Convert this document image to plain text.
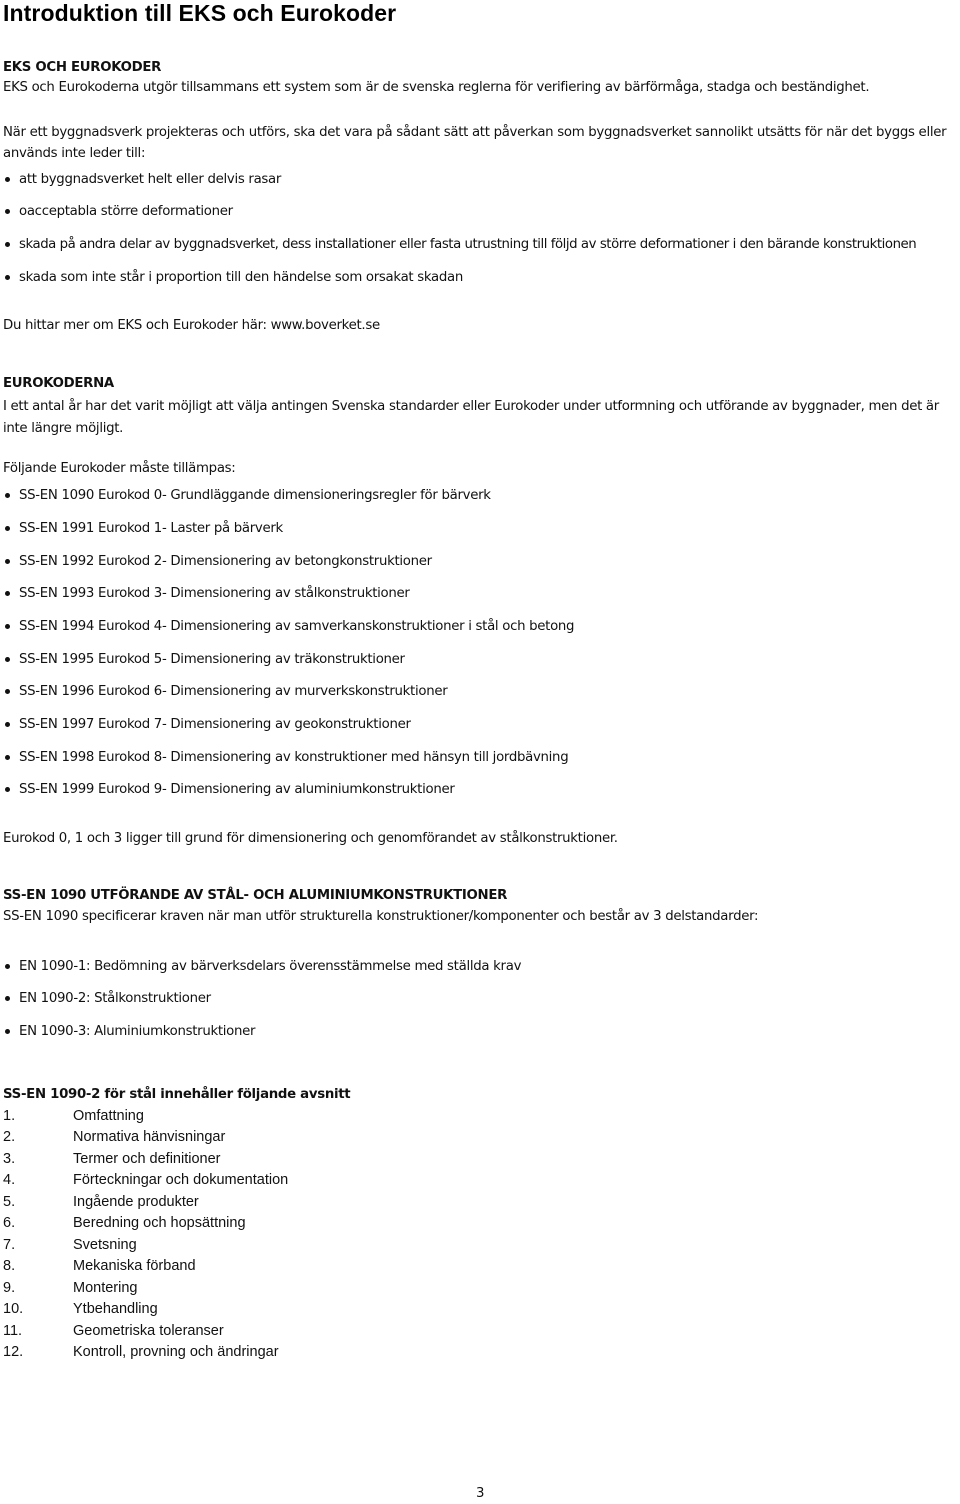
Introduktion till EKS och Eurokoder
EKS OCH EUROKODER
EKS och Eurokoderna utgör tillsammans ett system som är de svenska reglerna för verifiering av bärförmåga, stadga och beständighet.
När ett byggnadsverk projekteras och utförs, ska det vara på sådant sätt att påverkan som byggnadsverket sannolikt utsätts för när det byggs eller används inte leder till:
att byggnadsverket helt eller delvis rasar
oacceptabla större deformationer
skada på andra delar av byggnadsverket, dess installationer eller fasta utrustning till följd av större deformationer i den bärande konstruktionen
skada som inte står i proportion till den händelse som orsakat skadan
Du hittar mer om EKS och Eurokoder här: www.boverket.se
EUROKODERNA
I ett antal år har det varit möjligt att välja antingen Svenska standarder eller Eurokoder under utformning och utförande av byggnader, men det är inte längre möjligt.
Följande Eurokoder måste tillämpas:
SS-EN 1090 Eurokod 0- Grundläggande dimensioneringsregler för bärverk
SS-EN 1991 Eurokod 1- Laster på bärverk
SS-EN 1992 Eurokod 2- Dimensionering av betongkonstruktioner
SS-EN 1993 Eurokod 3- Dimensionering av stålkonstruktioner
SS-EN 1994 Eurokod 4- Dimensionering av samverkanskonstruktioner i stål och betong
SS-EN 1995 Eurokod 5- Dimensionering av träkonstruktioner
SS-EN 1996 Eurokod 6- Dimensionering av murverkskonstruktioner
SS-EN 1997 Eurokod 7- Dimensionering av geokonstruktioner
SS-EN 1998 Eurokod 8- Dimensionering av konstruktioner med hänsyn till jordbävning
SS-EN 1999 Eurokod 9- Dimensionering av aluminiumkonstruktioner
Eurokod 0, 1 och 3 ligger till grund för dimensionering och genomförandet av stålkonstruktioner.
SS-EN 1090 UTFÖRANDE AV STÅL- OCH ALUMINIUMKONSTRUKTIONER
SS-EN 1090 specificerar kraven när man utför strukturella konstruktioner/komponenter och består av 3 delstandarder:
EN 1090-1: Bedömning av bärverksdelars överensstämmelse med ställda krav
EN 1090-2: Stålkonstruktioner
EN 1090-3: Aluminiumkonstruktioner
SS-EN 1090-2 för stål innehåller följande avsnitt
1.	Omfattning
2.	Normativa hänvisningar
3.	Termer och definitioner
4.	Förteckningar och dokumentation
5.	Ingående produkter
6.	Beredning och hopsättning
7.	Svetsning
8.	Mekaniska förband
9.	Montering
10.	Ytbehandling
11.	Geometriska toleranser
12.	Kontroll, provning och ändringar
3
